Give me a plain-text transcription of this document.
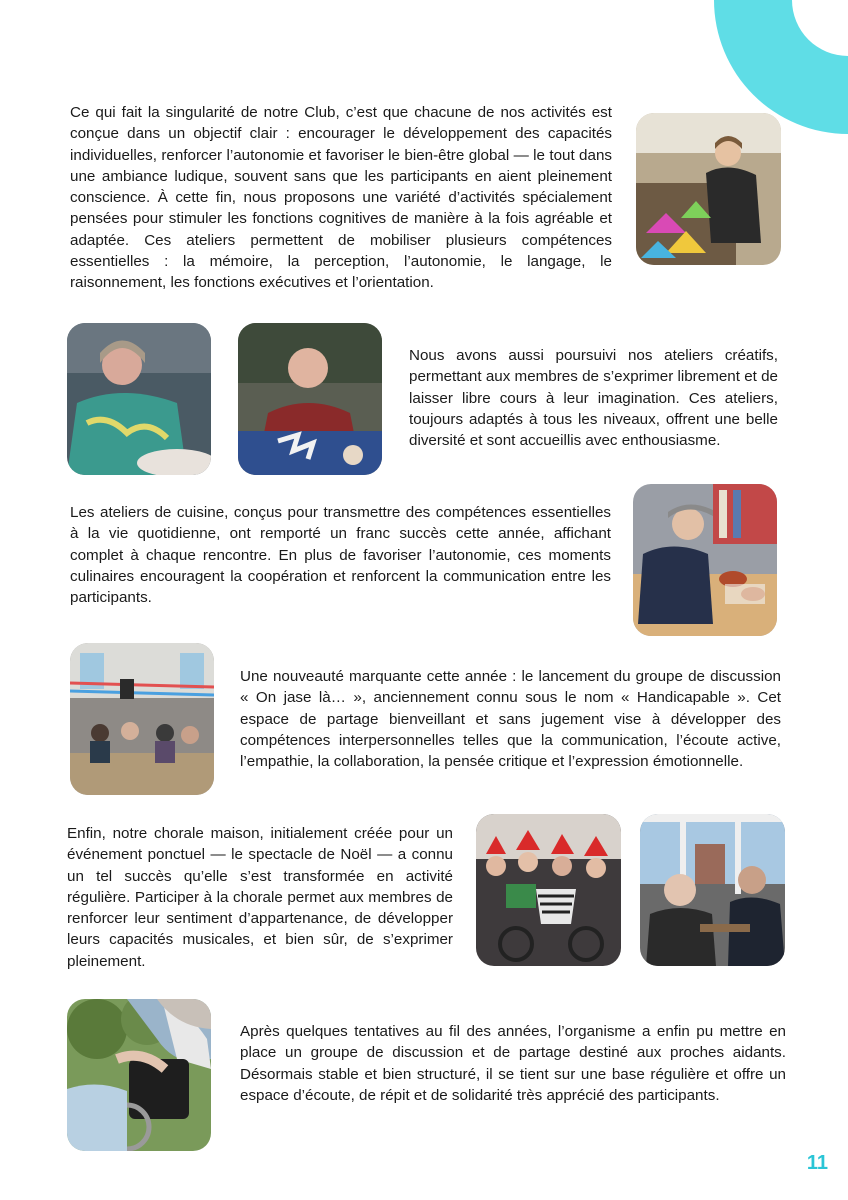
Ce qui fait la singularité de notre Club, c’est que chacune de nos activités est conçue dans un objectif clair : encourager le développement des capacités individuelles, renforcer l’autonomie et favoriser le bien-être global — le tout dans une ambiance ludique, souvent sans que les participants en aient pleinement conscience. À cette fin, nous proposons une variété d’activités spécialement pensées pour stimuler les fonctions cognitives de manière à la fois agréable et adaptée. Ces ateliers permettent de mobiliser plusieurs compétences essentielles : la mémoire, la perception, l’autonomie, le langage, le raisonnement, les fonctions exécutives et l’orientation.

Nous avons aussi poursuivi nos ateliers créatifs, permettant aux membres de s’exprimer librement et de laisser libre cours à leur imagination. Ces ateliers, toujours adaptés à tous les niveaux, offrent une belle diversité et sont accueillis avec enthousiasme.

Les ateliers de cuisine, conçus pour transmettre des compétences essentielles à la vie quotidienne, ont remporté un franc succès cette année, affichant complet à chaque rencontre. En plus de favoriser l’autonomie, ces moments culinaires encouragent la coopération et renforcent la communication entre les participants.

Une nouveauté marquante cette année : le lancement du groupe de discussion « On jase là… », anciennement connu sous le nom « Handicapable ». Cet espace de partage bienveillant et sans jugement vise à développer des compétences interpersonnelles telles que la communication, l’écoute active, l’empathie, la collaboration, la pensée critique et l’expression émotionnelle.

Enfin, notre chorale maison, initialement créée pour un événement ponctuel — le spectacle de Noël — a connu un tel succès qu’elle s’est transformée en activité régulière. Participer à la chorale permet aux membres de renforcer leur sentiment d’appartenance, de développer leurs capacités musicales, et bien sûr, de s’exprimer pleinement.

Après quelques tentatives au fil des années, l’organisme a enfin pu mettre en place un groupe de discussion et de partage destiné aux proches aidants. Désormais stable et bien structuré, il se tient sur une base régulière et offre un espace d’écoute, de répit et de solidarité très apprécié des participants.

11
